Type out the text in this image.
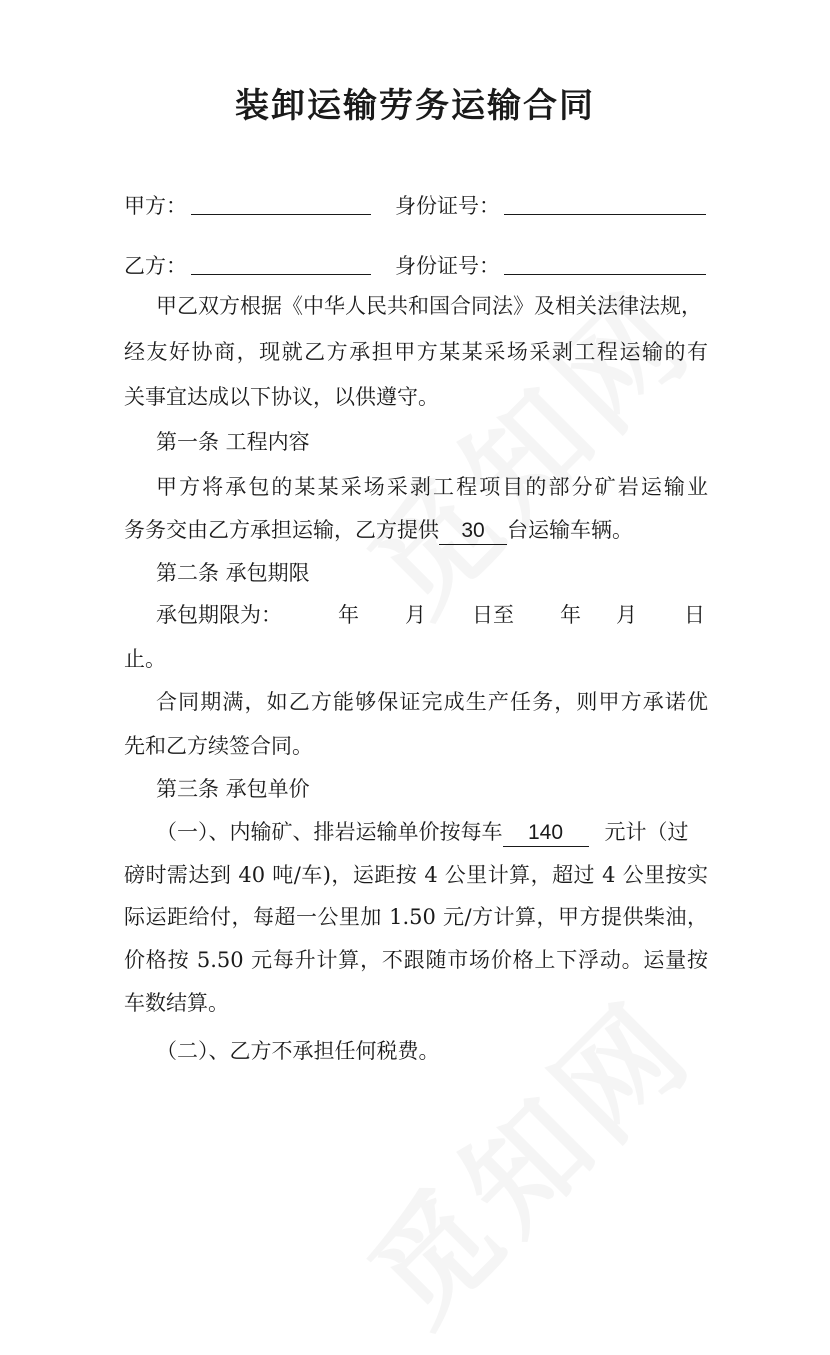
装卸运输劳务运输合同
甲方：	身份证号：
乙方：	身份证号：
甲乙双方根据《中华人民共和国合同法》及相关法律法规，
经友好协商，现就乙方承担甲方某某采场采剥工程运输的有
关事宜达成以下协议，以供遵守。
第一条 工程内容
甲方将承包的某某采场采剥工程项目的部分矿岩运输业
务务交由乙方承担运输，乙方提供 30 台运输车辆。
第二条 承包期限
承包期限为：	年 月 日至 年 月 日
止。
合同期满，如乙方能够保证完成生产任务，则甲方承诺优
先和乙方续签合同。
第三条 承包单价
（一）、内输矿、排岩运输单价按每车 140 元计（过
磅时需达到 40 吨/车)，运距按 4 公里计算，超过 4 公里按实
际运距给付，每超一公里加 1.50 元/方计算，甲方提供柴油，
价格按 5.50 元每升计算，不跟随市场价格上下浮动。运量按
车数结算。
（二）、乙方不承担任何税费。
